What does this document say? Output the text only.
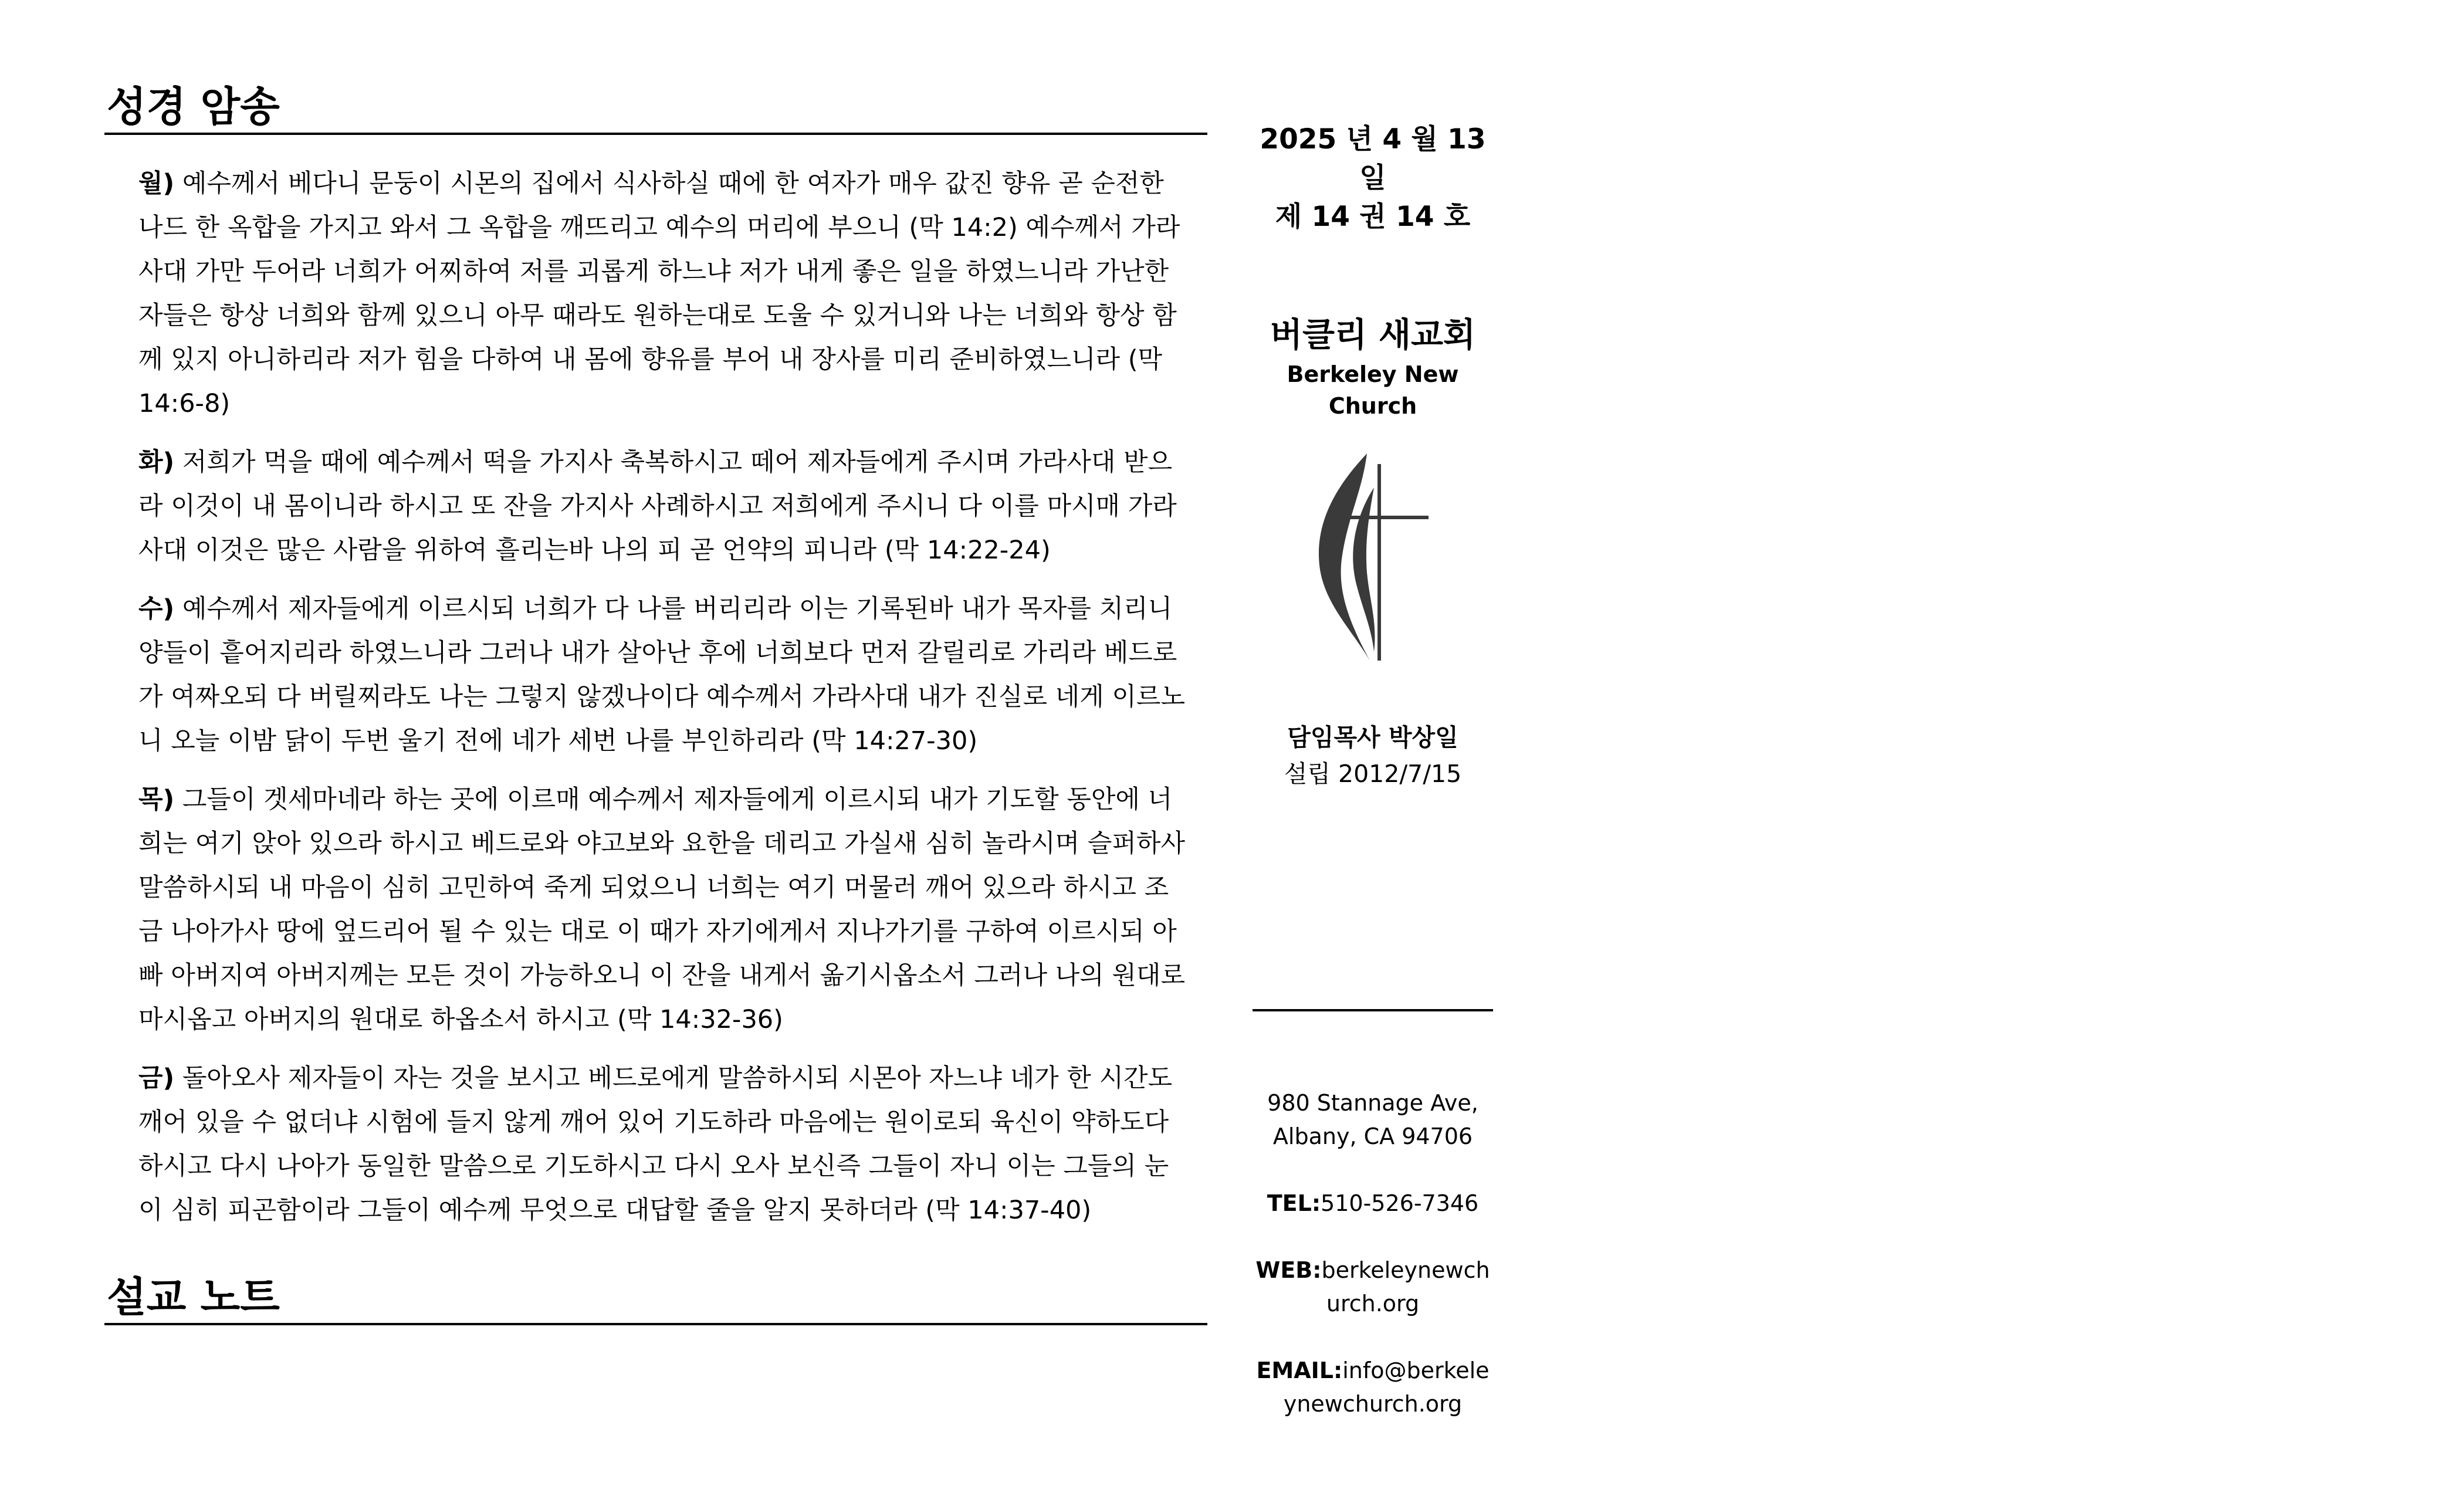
성경 암송

월) 예수께서 베다니 문둥이 시몬의 집에서 식사하실 때에 한 여자가 매우 값진 향유 곧 순전한 나드 한 옥합을 가지고 와서 그 옥합을 깨뜨리고 예수의 머리에 부으니 (막 14:2) 예수께서 가라사대 가만 두어라 너희가 어찌하여 저를 괴롭게 하느냐 저가 내게 좋은 일을 하였느니라 가난한 자들은 항상 너희와 함께 있으니 아무 때라도 원하는대로 도울 수 있거니와 나는 너희와 항상 함께 있지 아니하리라 저가 힘을 다하여 내 몸에 향유를 부어 내 장사를 미리 준비하였느니라 (막 14:6-8)

화) 저희가 먹을 때에 예수께서 떡을 가지사 축복하시고 떼어 제자들에게 주시며 가라사대 받으라 이것이 내 몸이니라 하시고 또 잔을 가지사 사례하시고 저희에게 주시니 다 이를 마시매 가라사대 이것은 많은 사람을 위하여 흘리는바 나의 피 곧 언약의 피니라 (막 14:22-24)

수) 예수께서 제자들에게 이르시되 너희가 다 나를 버리리라 이는 기록된바 내가 목자를 치리니 양들이 흩어지리라 하였느니라 그러나 내가 살아난 후에 너희보다 먼저 갈릴리로 가리라 베드로가 여짜오되 다 버릴찌라도 나는 그렇지 않겠나이다 예수께서 가라사대 내가 진실로 네게 이르노니 오늘 이밤 닭이 두번 울기 전에 네가 세번 나를 부인하리라 (막 14:27-30)

목) 그들이 겟세마네라 하는 곳에 이르매 예수께서 제자들에게 이르시되 내가 기도할 동안에 너희는 여기 앉아 있으라 하시고 베드로와 야고보와 요한을 데리고 가실새 심히 놀라시며 슬퍼하사 말씀하시되 내 마음이 심히 고민하여 죽게 되었으니 너희는 여기 머물러 깨어 있으라 하시고 조금 나아가사 땅에 엎드리어 될 수 있는 대로 이 때가 자기에게서 지나가기를 구하여 이르시되 아빠 아버지여 아버지께는 모든 것이 가능하오니 이 잔을 내게서 옮기시옵소서 그러나 나의 원대로 마시옵고 아버지의 원대로 하옵소서 하시고 (막 14:32-36)

금) 돌아오사 제자들이 자는 것을 보시고 베드로에게 말씀하시되 시몬아 자느냐 네가 한 시간도 깨어 있을 수 없더냐 시험에 들지 않게 깨어 있어 기도하라 마음에는 원이로되 육신이 약하도다 하시고 다시 나아가 동일한 말씀으로 기도하시고 다시 오사 보신즉 그들이 자니 이는 그들의 눈이 심히 피곤함이라 그들이 예수께 무엇으로 대답할 줄을 알지 못하더라 (막 14:37-40)

설교 노트
2025 년 4 월 13 일
제 14 권 14 호
버클리 새교회
Berkeley New Church
담임목사 박상일
설립 2012/7/15
980 Stannage Ave,
Albany, CA 94706
TEL:510-526-7346
WEB:berkeleynewchurch.org
EMAIL:info@berkeleynewchurch.org
